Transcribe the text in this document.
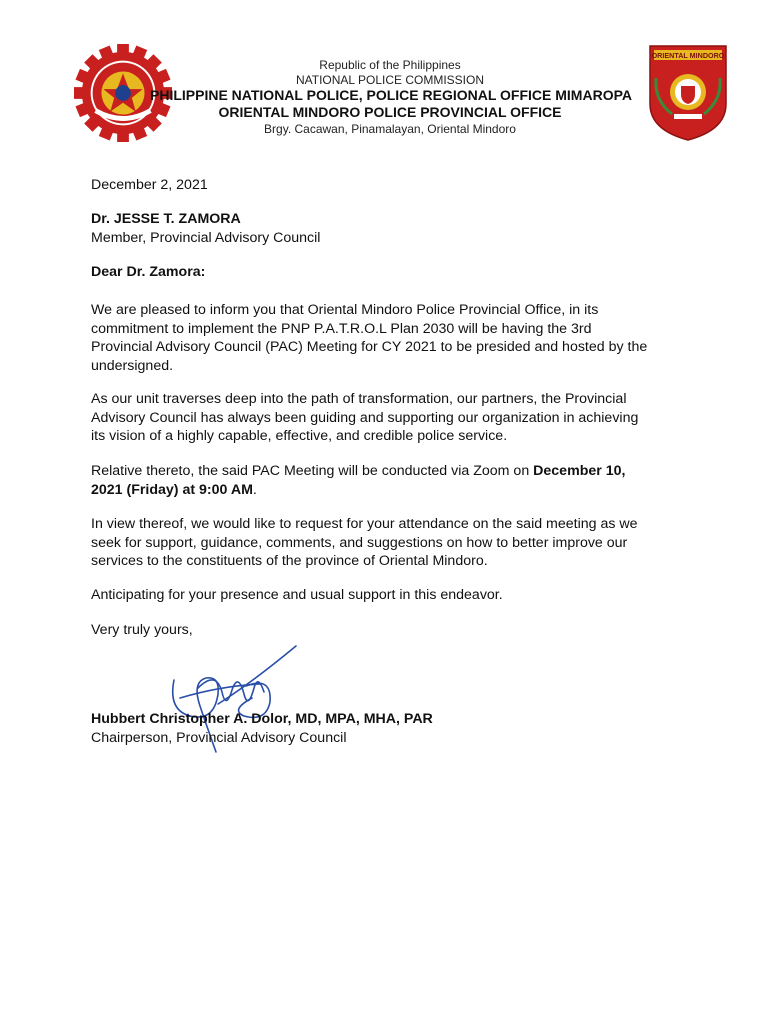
ORIENTAL MINDORO
Republic of the Philippines
NATIONAL POLICE COMMISSION
PHILIPPINE NATIONAL POLICE, POLICE REGIONAL OFFICE MIMAROPA
ORIENTAL MINDORO POLICE PROVINCIAL OFFICE
Brgy. Cacawan, Pinamalayan, Oriental Mindoro
December 2, 2021
Dr. JESSE T. ZAMORA
Member, Provincial Advisory Council
Dear Dr. Zamora:
We are pleased to inform you that Oriental Mindoro Police Provincial Office, in its
commitment to implement the PNP P.A.T.R.O.L Plan 2030 will be having the 3rd
Provincial Advisory Council (PAC) Meeting for CY 2021 to be presided and hosted by the
undersigned.
As our unit traverses deep into the path of transformation, our partners, the Provincial
Advisory Council has always been guiding and supporting our organization in achieving
its vision of a highly capable, effective, and credible police service.
Relative thereto, the said PAC Meeting will be conducted via Zoom on December 10,
2021 (Friday) at 9:00 AM.
In view thereof, we would like to request for your attendance on the said meeting as we
seek for support, guidance, comments, and suggestions on how to better improve our
services to the constituents of the province of Oriental Mindoro.
Anticipating for your presence and usual support in this endeavor.
Very truly yours,
Hubbert Christopher A. Dolor, MD, MPA, MHA, PAR
Chairperson, Provincial Advisory Council
